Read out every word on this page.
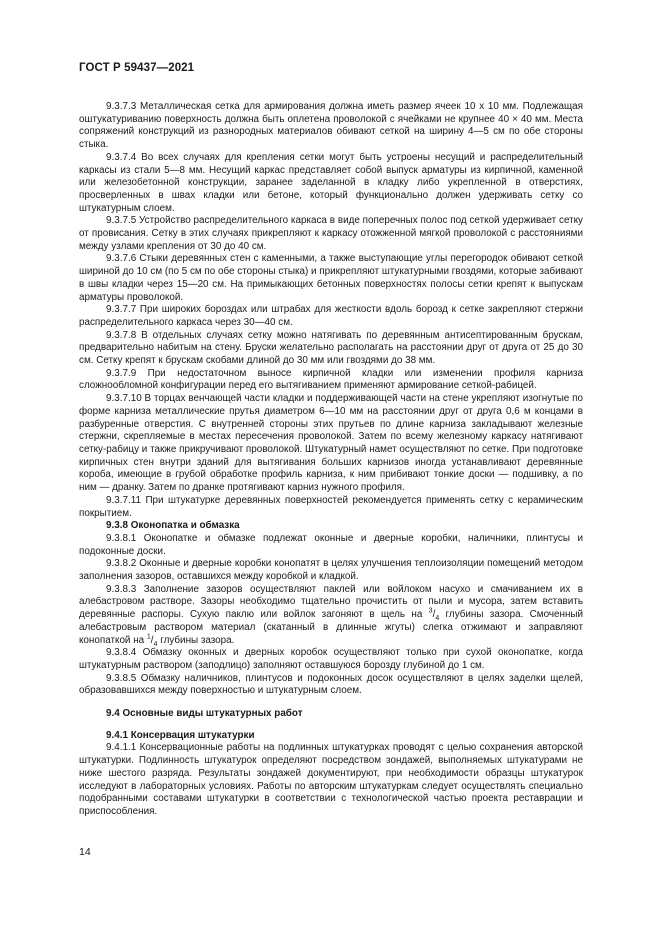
ГОСТ Р 59437—2021

9.3.7.3 Металлическая сетка для армирования должна иметь размер ячеек 10 х 10 мм. Подлежащая оштукатуриванию поверхность должна быть оплетена проволокой с ячейками не крупнее 40 × 40 мм. Места сопряжений конструкций из разнородных материалов обивают сеткой на ширину 4—5 см по обе стороны стыка.

9.3.7.4 Во всех случаях для крепления сетки могут быть устроены несущий и распределительный каркасы из стали 5—8 мм. Несущий каркас представляет собой выпуск арматуры из кирпичной, каменной или железобетонной конструкции, заранее заделанной в кладку либо укрепленной в отверстиях, просверленных в швах кладки или бетоне, который функционально должен удерживать сетку со штукатурным слоем.

9.3.7.5 Устройство распределительного каркаса в виде поперечных полос под сеткой удерживает сетку от провисания. Сетку в этих случаях прикрепляют к каркасу отожженной мягкой проволокой с расстояниями между узлами крепления от 30 до 40 см.

9.3.7.6 Стыки деревянных стен с каменными, а также выступающие углы перегородок обивают сеткой шириной до 10 см (по 5 см по обе стороны стыка) и прикрепляют штукатурными гвоздями, которые забивают в швы кладки через 15—20 см. На примыкающих бетонных поверхностях полосы сетки крепят к выпускам арматуры проволокой.

9.3.7.7 При широких бороздах или штрабах для жесткости вдоль борозд к сетке закрепляют стержни распределительного каркаса через 30—40 см.

9.3.7.8 В отдельных случаях сетку можно натягивать по деревянным антисептированным брускам, предварительно набитым на стену. Бруски желательно располагать на расстоянии друг от друга от 25 до 30 см. Сетку крепят к брускам скобами длиной до 30 мм или гвоздями до 38 мм.

9.3.7.9 При недостаточном выносе кирпичной кладки или изменении профиля карниза сложнообломной конфигурации перед его вытягиванием применяют армирование сеткой-рабицей.

9.3.7.10 В торцах венчающей части кладки и поддерживающей части на стене укрепляют изогнутые по форме карниза металлические прутья диаметром 6—10 мм на расстоянии друг от друга 0,6 м концами в разбуренные отверстия. С внутренней стороны этих прутьев по длине карниза закладывают железные стержни, скрепляемые в местах пересечения проволокой. Затем по всему железному каркасу натягивают сетку-рабицу и также прикручивают проволокой. Штукатурный намет осуществляют по сетке. При подготовке кирпичных стен внутри зданий для вытягивания больших карнизов иногда устанавливают деревянные короба, имеющие в грубой обработке профиль карниза, к ним прибивают тонкие доски — подшивку, а по ним — дранку. Затем по дранке протягивают карниз нужного профиля.

9.3.7.11 При штукатурке деревянных поверхностей рекомендуется применять сетку с керамическим покрытием.

9.3.8 Оконопатка и обмазка

9.3.8.1 Оконопатке и обмазке подлежат оконные и дверные коробки, наличники, плинтусы и подоконные доски.

9.3.8.2 Оконные и дверные коробки конопатят в целях улучшения теплоизоляции помещений методом заполнения зазоров, оставшихся между коробкой и кладкой.

9.3.8.3 Заполнение зазоров осуществляют паклей или войлоком насухо и смачиванием их в алебастровом растворе. Зазоры необходимо тщательно прочистить от пыли и мусора, затем вставить деревянные распоры. Сухую паклю или войлок загоняют в щель на $^3/_4$ глубины зазора. Смоченный алебастровым раствором материал (скатанный в длинные жгуты) слегка отжимают и заправляют конопаткой на $^1/_4$ глубины зазора.

9.3.8.4 Обмазку оконных и дверных коробок осуществляют только при сухой оконопатке, когда штукатурным раствором (заподлицо) заполняют оставшуюся борозду глубиной до 1 см.

9.3.8.5 Обмазку наличников, плинтусов и подоконных досок осуществляют в целях заделки щелей, образовавшихся между поверхностью и штукатурным слоем.

9.4 Основные виды штукатурных работ

9.4.1 Консервация штукатурки

9.4.1.1 Консервационные работы на подлинных штукатурках проводят с целью сохранения авторской штукатурки. Подлинность штукатурок определяют посредством зондажей, выполняемых штукатурами не ниже шестого разряда. Результаты зондажей документируют, при необходимости образцы штукатурок исследуют в лабораторных условиях. Работы по авторским штукатуркам следует осуществлять специально подобранными составами штукатурки в соответствии с технологической частью проекта реставрации и приспособления.

14
